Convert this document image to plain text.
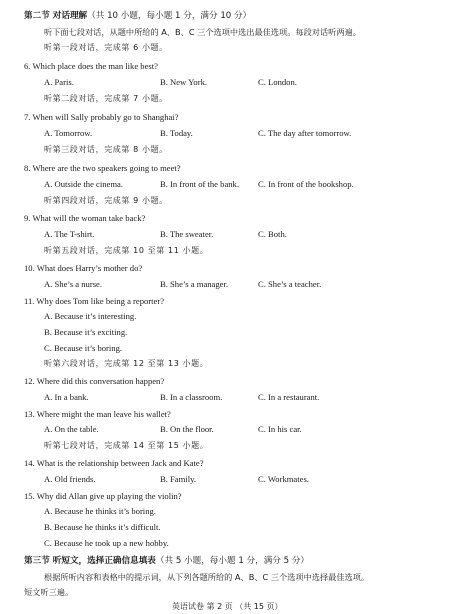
第二节 对话理解（共 10 小题，每小题 1 分，满分 10 分）
听下面七段对话，从题中所给的 A、B、C 三个选项中选出最佳选项。每段对话听两遍。
听第一段对话，完成第 6 小题。
6. Which place does the man like best?
A. Paris.	B. New York.	C. London.
听第二段对话，完成第 7 小题。
7. When will Sally probably go to Shanghai?
A. Tomorrow.	B. Today.	C. The day after tomorrow.
听第三段对话，完成第 8 小题。
8. Where are the two speakers going to meet?
A. Outside the cinema.	B. In front of the bank. C. In front of the bookshop.
听第四段对话，完成第 9 小题。
9. What will the woman take back?
A. The T-shirt.	B. The sweater.	C. Both.
听第五段对话，完成第 10 至第 11 小题。
10. What does Harry’s mother do?
A. She’s a nurse.	B. She’s a manager.	C. She’s a teacher.
11. Why does Tom like being a reporter?
A. Because it’s interesting.
B. Because it’s exciting.
C. Because it’s boring.
听第六段对话，完成第 12 至第 13 小题。
12. Where did this conversation happen?
A. In a bank.	B. In a classroom.	C. In a restaurant.
13. Where might the man leave his wallet?
A. On the table.	B. On the floor.	C. In his car.
听第七段对话，完成第 14 至第 15 小题。
14. What is the relationship between Jack and Kate?
A. Old friends.	B. Family.	C. Workmates.
15. Why did Allan give up playing the violin?
A. Because he thinks it’s boring.
B. Because he thinks it’s difficult.
C. Because he took up a new hobby.
第三节 听短文，选择正确信息填表（共 5 小题，每小题 1 分，满分 5 分）
根据所听内容和表格中的提示词，从下列各题所给的 A、B、C 三个选项中选择最佳选项。
短文听三遍。
英语试卷 第 2 页 （共 15 页）
